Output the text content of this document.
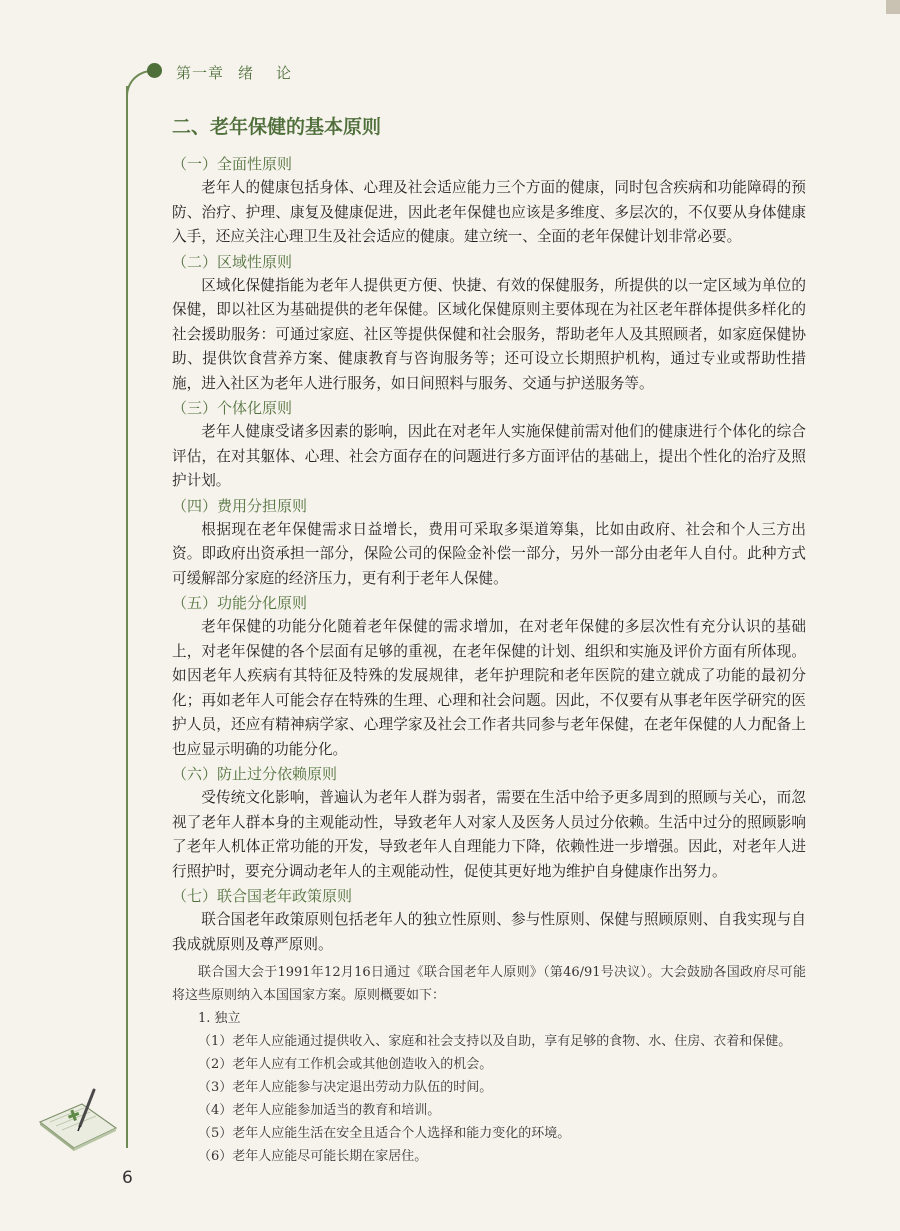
第一章 绪 论
二、老年保健的基本原则
（一）全面性原则

老年人的健康包括身体、心理及社会适应能力三个方面的健康，同时包含疾病和功能障碍的预防、治疗、护理、康复及健康促进，因此老年保健也应该是多维度、多层次的，不仅要从身体健康入手，还应关注心理卫生及社会适应的健康。建立统一、全面的老年保健计划非常必要。

（二）区域性原则

区域化保健指能为老年人提供更方便、快捷、有效的保健服务，所提供的以一定区域为单位的保健，即以社区为基础提供的老年保健。区域化保健原则主要体现在为社区老年群体提供多样化的社会援助服务：可通过家庭、社区等提供保健和社会服务，帮助老年人及其照顾者，如家庭保健协助、提供饮食营养方案、健康教育与咨询服务等；还可设立长期照护机构，通过专业或帮助性措施，进入社区为老年人进行服务，如日间照料与服务、交通与护送服务等。

（三）个体化原则

老年人健康受诸多因素的影响，因此在对老年人实施保健前需对他们的健康进行个体化的综合评估，在对其躯体、心理、社会方面存在的问题进行多方面评估的基础上，提出个性化的治疗及照护计划。

（四）费用分担原则

根据现在老年保健需求日益增长，费用可采取多渠道筹集，比如由政府、社会和个人三方出资。即政府出资承担一部分，保险公司的保险金补偿一部分，另外一部分由老年人自付。此种方式可缓解部分家庭的经济压力，更有利于老年人保健。

（五）功能分化原则

老年保健的功能分化随着老年保健的需求增加，在对老年保健的多层次性有充分认识的基础上，对老年保健的各个层面有足够的重视，在老年保健的计划、组织和实施及评价方面有所体现。如因老年人疾病有其特征及特殊的发展规律，老年护理院和老年医院的建立就成了功能的最初分化；再如老年人可能会存在特殊的生理、心理和社会问题。因此，不仅要有从事老年医学研究的医护人员，还应有精神病学家、心理学家及社会工作者共同参与老年保健，在老年保健的人力配备上也应显示明确的功能分化。

（六）防止过分依赖原则

受传统文化影响，普遍认为老年人群为弱者，需要在生活中给予更多周到的照顾与关心，而忽视了老年人群本身的主观能动性，导致老年人对家人及医务人员过分依赖。生活中过分的照顾影响了老年人机体正常功能的开发，导致老年人自理能力下降，依赖性进一步增强。因此，对老年人进行照护时，要充分调动老年人的主观能动性，促使其更好地为维护自身健康作出努力。

（七）联合国老年政策原则

联合国老年政策原则包括老年人的独立性原则、参与性原则、保健与照顾原则、自我实现与自我成就原则及尊严原则。

联合国大会于1991年12月16日通过《联合国老年人原则》（第46/91号决议）。大会鼓励各国政府尽可能将这些原则纳入本国国家方案。原则概要如下：

1. 独立

（1）老年人应能通过提供收入、家庭和社会支持以及自助，享有足够的食物、水、住房、衣着和保健。

（2）老年人应有工作机会或其他创造收入的机会。

（3）老年人应能参与决定退出劳动力队伍的时间。

（4）老年人应能参加适当的教育和培训。

（5）老年人应能生活在安全且适合个人选择和能力变化的环境。

（6）老年人应能尽可能长期在家居住。

6
